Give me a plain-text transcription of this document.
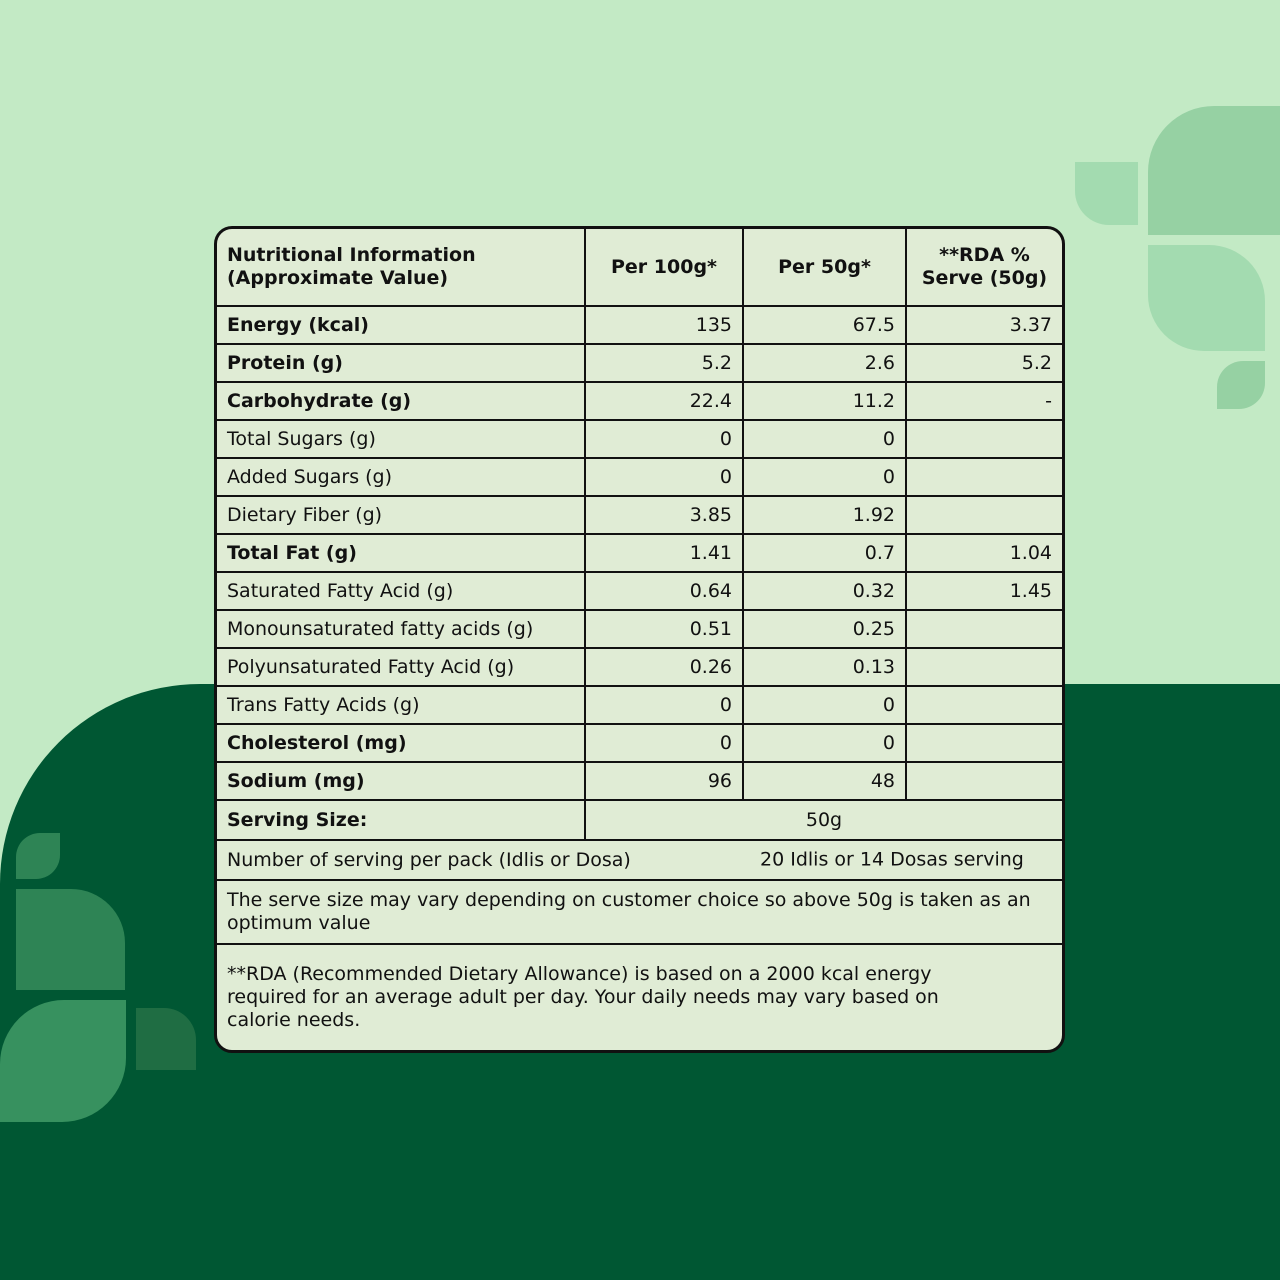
Nutritional Information
(Approximate Value)	Per 100g*	Per 50g*	**RDA %
Serve (50g)
Energy (kcal)	135	67.5	3.37
Protein (g)	5.2	2.6	5.2
Carbohydrate (g)	22.4	11.2	-
Total Sugars (g)	0	0	
Added Sugars (g)	0	0	
Dietary Fiber (g)	3.85	1.92	
Total Fat (g)	1.41	0.7	1.04
Saturated Fatty Acid (g)	0.64	0.32	1.45
Monounsaturated fatty acids (g)	0.51	0.25	
Polyunsaturated Fatty Acid (g)	0.26	0.13	
Trans Fatty Acids (g)	0	0	
Cholesterol (mg)	0	0	
Sodium (mg)	96	48	
Serving Size:	50g		
Number of serving per pack (Idlis or Dosa) 20 Idlis or 14 Dosas serving			

The serve size may vary depending on customer choice so above 50g is taken as an optimum value			
**RDA (Recommended Dietary Allowance) is based on a 2000 kcal energy required for an average adult per day. Your daily needs may vary based on calorie needs.			
